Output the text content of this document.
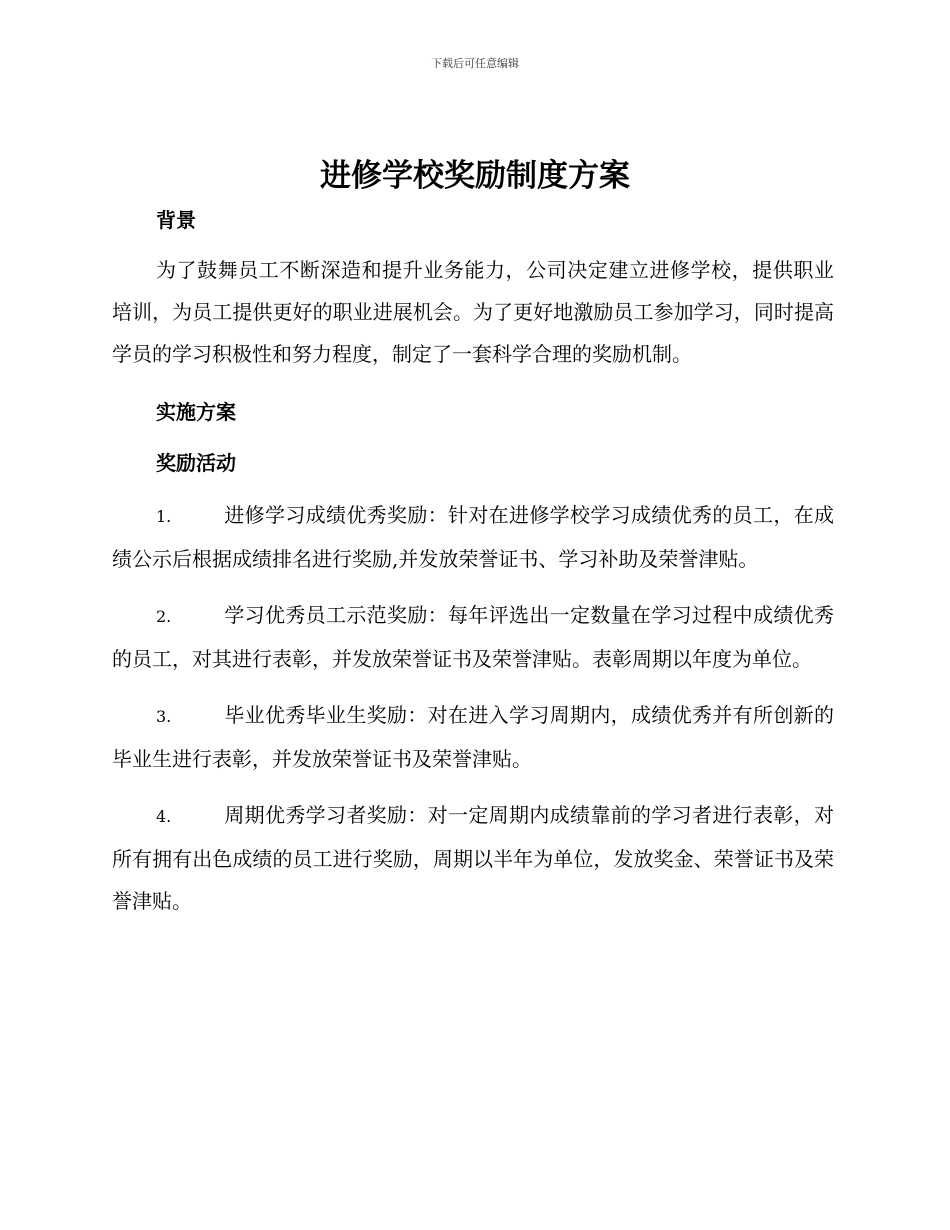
下载后可任意编辑
进修学校奖励制度方案
背景

为了鼓舞员工不断深造和提升业务能力，公司决定建立进修学校，提供职业培训，为员工提供更好的职业进展机会。为了更好地激励员工参加学习，同时提高学员的学习积极性和努力程度，制定了一套科学合理的奖励机制。

实施方案
奖励活动

1.	进修学习成绩优秀奖励：针对在进修学校学习成绩优秀的员工，在成绩公示后根据成绩排名进行奖励,并发放荣誉证书、学习补助及荣誉津贴。

2.	学习优秀员工示范奖励：每年评选出一定数量在学习过程中成绩优秀的员工，对其进行表彰，并发放荣誉证书及荣誉津贴。表彰周期以年度为单位。

3.	毕业优秀毕业生奖励：对在进入学习周期内，成绩优秀并有所创新的毕业生进行表彰，并发放荣誉证书及荣誉津贴。

4.	周期优秀学习者奖励：对一定周期内成绩靠前的学习者进行表彰，对所有拥有出色成绩的员工进行奖励，周期以半年为单位，发放奖金、荣誉证书及荣誉津贴。
